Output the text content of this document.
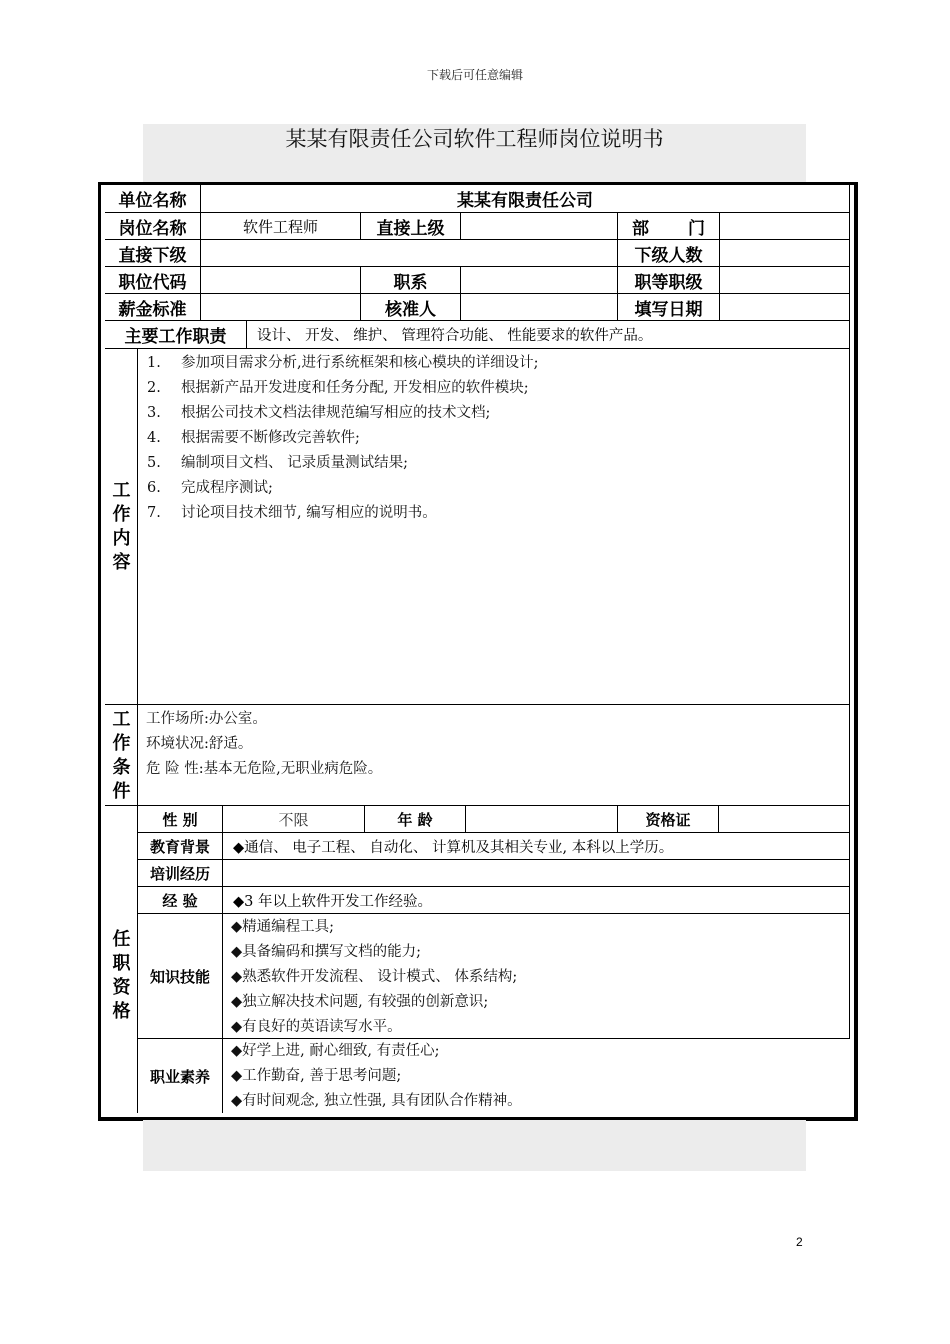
下载后可任意编辑
某某有限责任公司软件工程师岗位说明书
单位名称	某某有限责任公司
岗位名称	软件工程师	直接上级	部 门
直接下级	下级人数
职位代码	职系	职等职级
薪金标准	核准人	填写日期
主要工作职责	设计、 开发、 维护、 管理符合功能、 性能要求的软件产品。
工
作
内
容
1. 参加项目需求分析,进行系统框架和核心模块的详细设计;
2. 根据新产品开发进度和任务分配, 开发相应的软件模块;
3. 根据公司技术文档法律规范编写相应的技术文档;
4. 根据需要不断修改完善软件;
5. 编制项目文档、 记录质量测试结果;
6. 完成程序测试;
7. 讨论项目技术细节, 编写相应的说明书。
工
作
条
件
工作场所:办公室。
环境状况:舒适。
危 险 性:基本无危险,无职业病危险。
任
职
资
格
性 别	不限	年 龄	资格证
教育背景	◆通信、 电子工程、 自动化、 计算机及其相关专业, 本科以上学历。
培训经历
经 验	◆3 年以上软件开发工作经验。
知识技能
◆精通编程工具;
◆具备编码和撰写文档的能力;
◆熟悉软件开发流程、 设计模式、 体系结构;
◆独立解决技术问题, 有较强的创新意识;
◆有良好的英语读写水平。
职业素养
◆好学上进, 耐心细致, 有责任心;
◆工作勤奋, 善于思考问题;
◆有时间观念, 独立性强, 具有团队合作精神。
2
